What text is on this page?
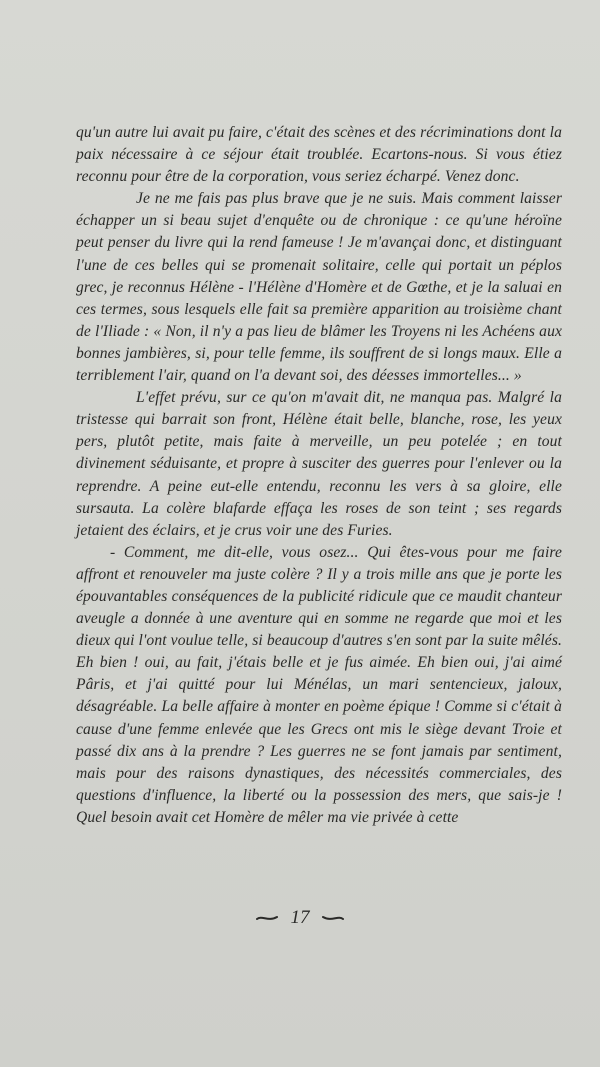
qu'un autre lui avait pu faire, c'était des scènes et des récriminations dont la paix nécessaire à ce séjour était troublée. Ecartons-nous. Si vous étiez reconnu pour être de la corporation, vous seriez écharpé. Venez donc.

Je ne me fais pas plus brave que je ne suis. Mais comment laisser échapper un si beau sujet d'enquête ou de chronique : ce qu'une héroïne peut penser du livre qui la rend fameuse ! Je m'avançai donc, et distinguant l'une de ces belles qui se promenait solitaire, celle qui portait un péplos grec, je reconnus Hélène - l'Hélène d'Homère et de Gœthe, et je la saluai en ces termes, sous lesquels elle fait sa première apparition au troisième chant de l'Iliade : « Non, il n'y a pas lieu de blâmer les Troyens ni les Achéens aux bonnes jambières, si, pour telle femme, ils souffrent de si longs maux. Elle a terriblement l'air, quand on l'a devant soi, des déesses immortelles... »

L'effet prévu, sur ce qu'on m'avait dit, ne manqua pas. Malgré la tristesse qui barrait son front, Hélène était belle, blanche, rose, les yeux pers, plutôt petite, mais faite à merveille, un peu potelée ; en tout divinement séduisante, et propre à susciter des guerres pour l'enlever ou la reprendre. A peine eut-elle entendu, reconnu les vers à sa gloire, elle sursauta. La colère blafarde effaça les roses de son teint ; ses regards jetaient des éclairs, et je crus voir une des Furies.

- Comment, me dit-elle, vous osez... Qui êtes-vous pour me faire affront et renouveler ma juste colère ? Il y a trois mille ans que je porte les épouvantables conséquences de la publicité ridicule que ce maudit chanteur aveugle a donnée à une aventure qui en somme ne regarde que moi et les dieux qui l'ont voulue telle, si beaucoup d'autres s'en sont par la suite mêlés. Eh bien ! oui, au fait, j'étais belle et je fus aimée. Eh bien oui, j'ai aimé Pâris, et j'ai quitté pour lui Ménélas, un mari sentencieux, jaloux, désagréable. La belle affaire à monter en poème épique ! Comme si c'était à cause d'une femme enlevée que les Grecs ont mis le siège devant Troie et passé dix ans à la prendre ? Les guerres ne se font jamais par sentiment, mais pour des raisons dynastiques, des nécessités commerciales, des questions d'influence, la liberté ou la possession des mers, que sais-je ! Quel besoin avait cet Homère de mêler ma vie privée à cette

17
